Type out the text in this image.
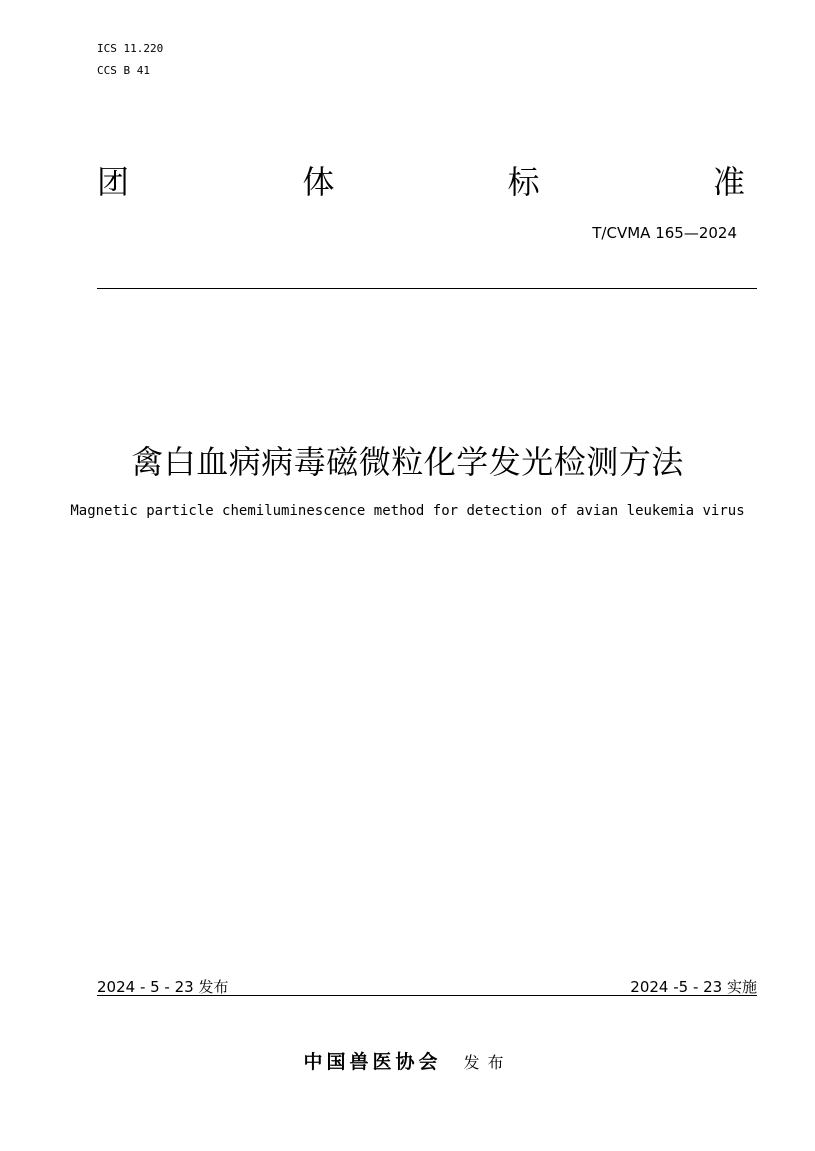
ICS 11.220
CCS B 41
团	体	标	准
T/CVMA 165—2024
禽白血病病毒磁微粒化学发光检测方法
Magnetic particle chemiluminescence method for detection of avian leukemia virus
2024 - 5 - 23 发布	2024 -5 - 23 实施
中国兽医协会 发布
